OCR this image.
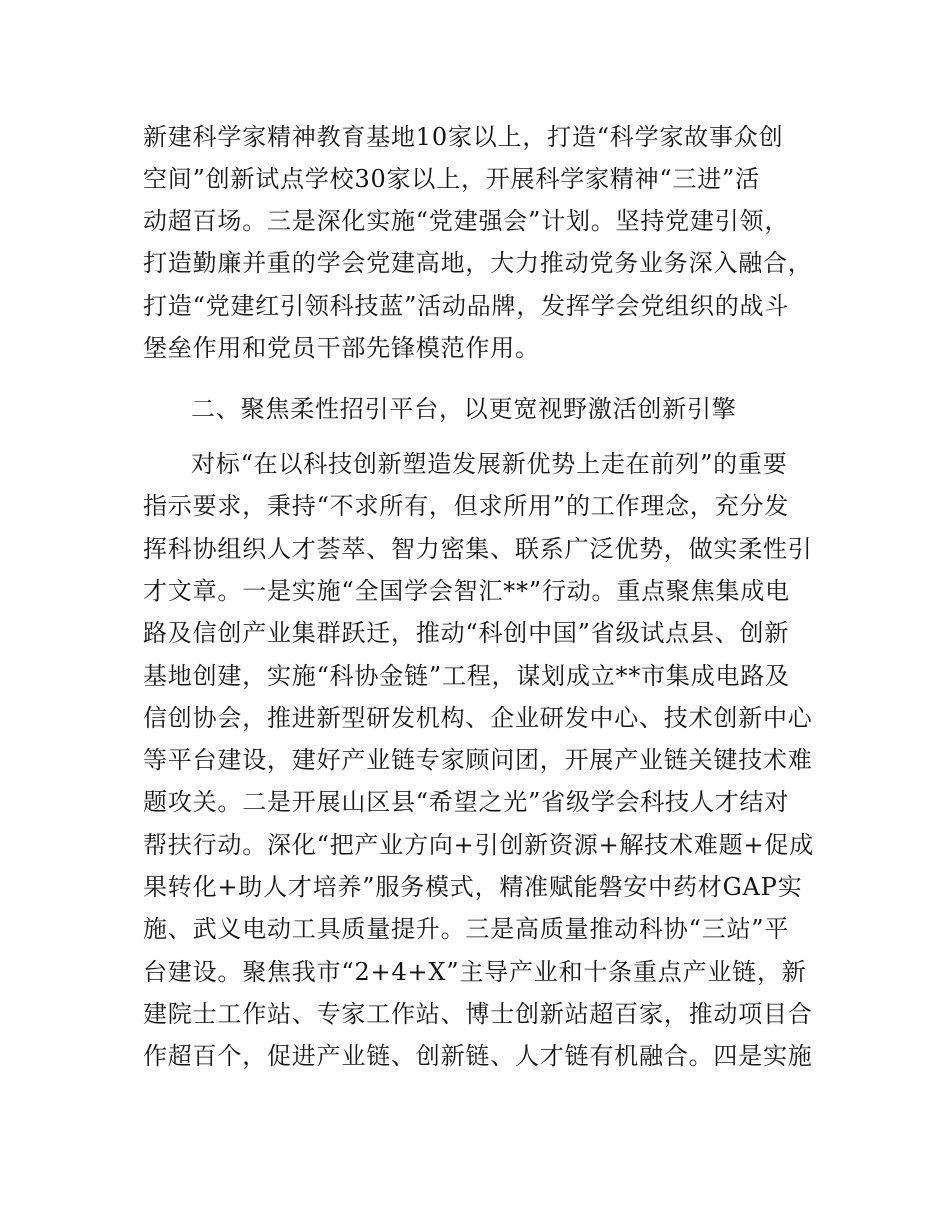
新建科学家精神教育基地10家以上，打造“科学家故事众创
空间”创新试点学校30家以上，开展科学家精神“三进”活
动超百场。三是深化实施“党建强会”计划。坚持党建引领，
打造勤廉并重的学会党建高地，大力推动党务业务深入融合，
打造“党建红引领科技蓝”活动品牌，发挥学会党组织的战斗
堡垒作用和党员干部先锋模范作用。
二、聚焦柔性招引平台，以更宽视野激活创新引擎
对标“在以科技创新塑造发展新优势上走在前列”的重要
指示要求，秉持“不求所有，但求所用”的工作理念，充分发
挥科协组织人才荟萃、智力密集、联系广泛优势，做实柔性引
才文章。一是实施“全国学会智汇**”行动。重点聚焦集成电
路及信创产业集群跃迁，推动“科创中国”省级试点县、创新
基地创建，实施“科协金链”工程，谋划成立**市集成电路及
信创协会，推进新型研发机构、企业研发中心、技术创新中心
等平台建设，建好产业链专家顾问团，开展产业链关键技术难
题攻关。二是开展山区县“希望之光”省级学会科技人才结对
帮扶行动。深化“把产业方向+引创新资源+解技术难题+促成
果转化+助人才培养”服务模式，精准赋能磐安中药材GAP实
施、武义电动工具质量提升。三是高质量推动科协“三站”平
台建设。聚焦我市“2+4+X”主导产业和十条重点产业链，新
建院士工作站、专家工作站、博士创新站超百家，推动项目合
作超百个，促进产业链、创新链、人才链有机融合。四是实施
